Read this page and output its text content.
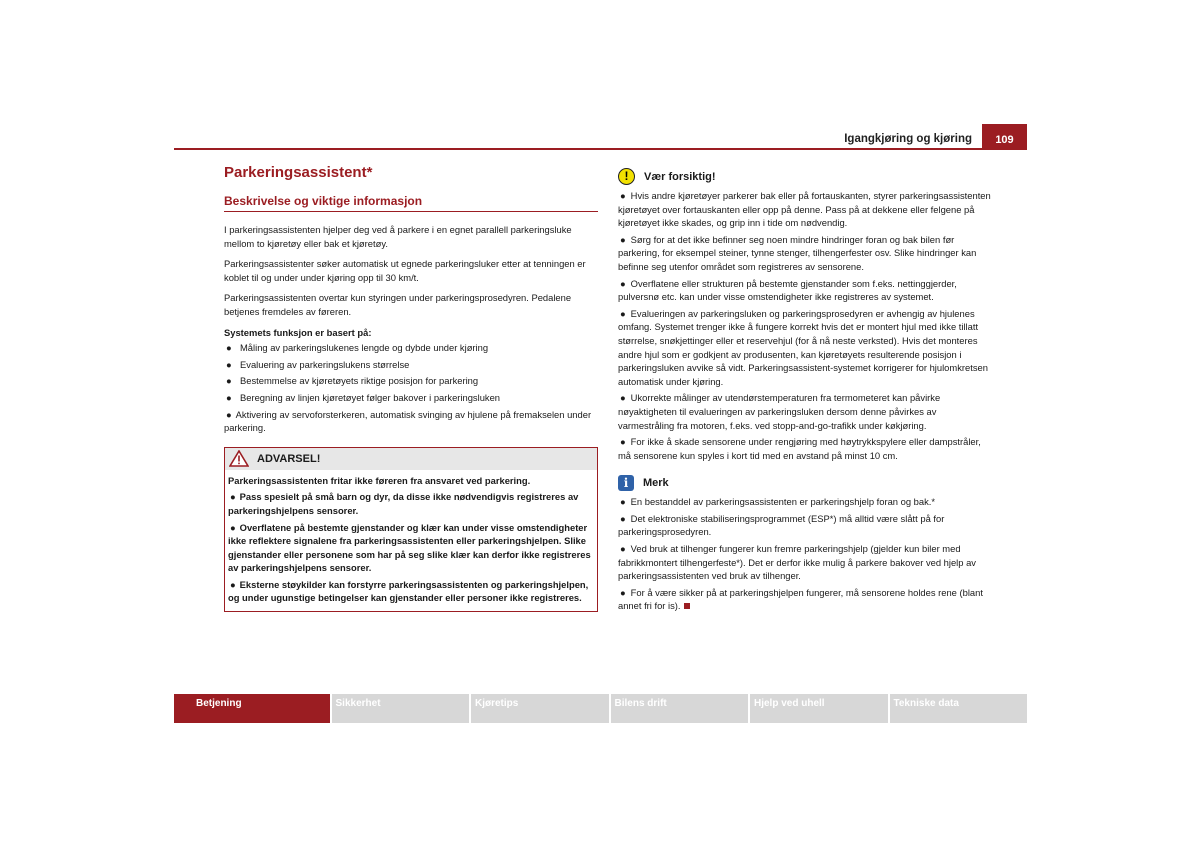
Igangkjøring og kjøring	109
Parkeringsassistent*
Beskrivelse og viktige informasjon

I parkeringsassistenten hjelper deg ved å parkere i en egnet parallell parkeringsluke mellom to kjøretøy eller bak et kjøretøy.

Parkeringsassistenter søker automatisk ut egnede parkeringsluker etter at tenningen er koblet til og under under kjøring opp til 30 km/t.

Parkeringsassistenten overtar kun styringen under parkeringsprosedyren. Pedalene betjenes fremdeles av føreren.

Systemets funksjon er basert på:

● Måling av parkeringslukenes lengde og dybde under kjøring
● Evaluering av parkeringslukens størrelse
● Bestemmelse av kjøretøyets riktige posisjon for parkering
● Beregning av linjen kjøretøyet følger bakover i parkeringsluken
● Aktivering av servoforsterkeren, automatisk svinging av hjulene på fremakselen under parkering.
ADVARSEL!

Parkeringsassistenten fritar ikke føreren fra ansvaret ved parkering.

● Pass spesielt på små barn og dyr, da disse ikke nødvendigvis registreres av parkeringshjelpens sensorer.

● Overflatene på bestemte gjenstander og klær kan under visse omstendigheter ikke reflektere signalene fra parkeringsassistenten eller parkeringshjelpen. Slike gjenstander eller personene som har på seg slike klær kan derfor ikke registreres av parkeringshjelpens sensorer.

● Eksterne støykilder kan forstyrre parkeringsassistenten og parkeringshjelpen, og under ugunstige betingelser kan gjenstander eller personer ikke registreres.

!	Vær forsiktig!

● Hvis andre kjøretøyer parkerer bak eller på fortauskanten, styrer parkeringsassistenten kjøretøyet over fortauskanten eller opp på denne. Pass på at dekkene eller felgene på kjøretøyet ikke skades, og grip inn i tide om nødvendig.

● Sørg for at det ikke befinner seg noen mindre hindringer foran og bak bilen før parkering, for eksempel steiner, tynne stenger, tilhengerfester osv. Slike hindringer kan befinne seg utenfor området som registreres av sensorene.

● Overflatene eller strukturen på bestemte gjenstander som f.eks. nettinggjerder, pulversnø etc. kan under visse omstendigheter ikke registreres av systemet.

● Evalueringen av parkeringsluken og parkeringsprosedyren er avhengig av hjulenes omfang. Systemet trenger ikke å fungere korrekt hvis det er montert hjul med ikke tillatt størrelse, snøkjettinger eller et reservehjul (for å nå neste verksted). Hvis det monteres andre hjul som er godkjent av produsenten, kan kjøretøyets resulterende posisjon i parkeringsluken avvike så vidt. Parkeringsassistent-systemet korrigerer for hjulomkretsen automatisk under kjøring.

● Ukorrekte målinger av utendørstemperaturen fra termometeret kan påvirke nøyaktigheten til evalueringen av parkeringsluken dersom denne påvirkes av varmestråling fra motoren, f.eks. ved stopp-and-go-trafikk under køkjøring.

● For ikke å skade sensorene under rengjøring med høytrykkspylere eller dampstråler, må sensorene kun spyles i kort tid med en avstand på minst 10 cm.

i	Merk

● En bestanddel av parkeringsassistenten er parkeringshjelp foran og bak.*

● Det elektroniske stabiliseringsprogrammet (ESP*) må alltid være slått på for parkeringsprosedyren.

● Ved bruk at tilhenger fungerer kun fremre parkeringshjelp (gjelder kun biler med fabrikkmontert tilhengerfeste*). Det er derfor ikke mulig å parkere bakover ved hjelp av parkeringsassistenten ved bruk av tilhenger.

● For å være sikker på at parkeringshjelpen fungerer, må sensorene holdes rene (blant annet fri for is).

Betjening	Sikkerhet	Kjøretips	Bilens drift	Hjelp ved uhell	Tekniske data
